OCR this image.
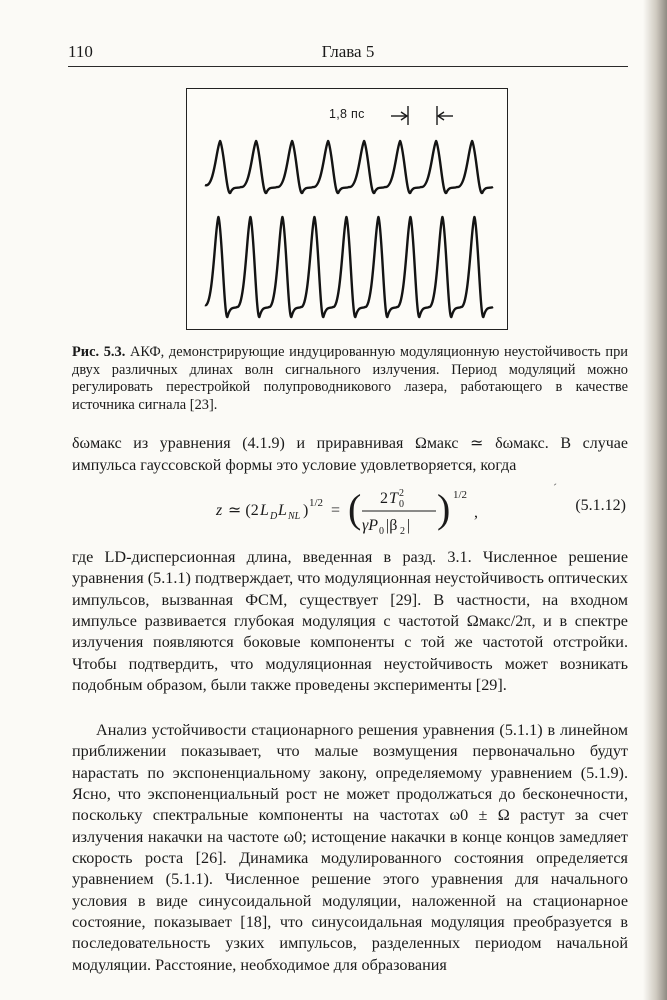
110	Глава 5
1,8 пс
Рис. 5.3. АКФ, демонстрирующие индуцированную модуляционную неустойчивость при двух различных длинах волн сигнального излучения. Период модуляций можно регулировать перестройкой полупроводникового лазера, работающего в качестве источника сигнала [23].
δωмакс из уравнения (4.1.9) и приравнивая Ωмакс ≃ δωмакс. В случае
импульса гауссовской формы это условие удовлетворяется, когда
´
z ≃ (2 L D L NL ) 1/2 = ( 2 T 2
0
γP 0 |β 2 | ) 1/2
,	(5.1.12)

где LD-дисперсионная длина, введенная в разд. 3.1. Численное решение уравнения (5.1.1) подтверждает, что модуляционная неустойчивость оптических импульсов, вызванная ФСМ, существует [29]. В частности, на входном импульсе развивается глубокая модуляция с частотой Ωмакс/2π, и в спектре излучения появляются боковые компоненты с той же частотой отстройки. Чтобы подтвердить, что модуляционная неустойчивость может возникать подобным образом, были также проведены эксперименты [29].

Анализ устойчивости стационарного решения уравнения (5.1.1) в линейном приближении показывает, что малые возмущения первоначально будут нарастать по экспоненциальному закону, определяемому уравнением (5.1.9). Ясно, что экспоненциальный рост не может продолжаться до бесконечности, поскольку спектральные компоненты на частотах ω0 ± Ω растут за счет излучения накачки на частоте ω0; истощение накачки в конце концов замедляет скорость роста [26]. Динамика модулированного состояния определяется уравнением (5.1.1). Численное решение этого уравнения для начального условия в виде синусоидальной модуляции, наложенной на стационарное состояние, показывает [18], что синусоидальная модуляция преобразуется в последовательность узких импульсов, разделенных периодом начальной модуляции. Расстояние, необходимое для образования
